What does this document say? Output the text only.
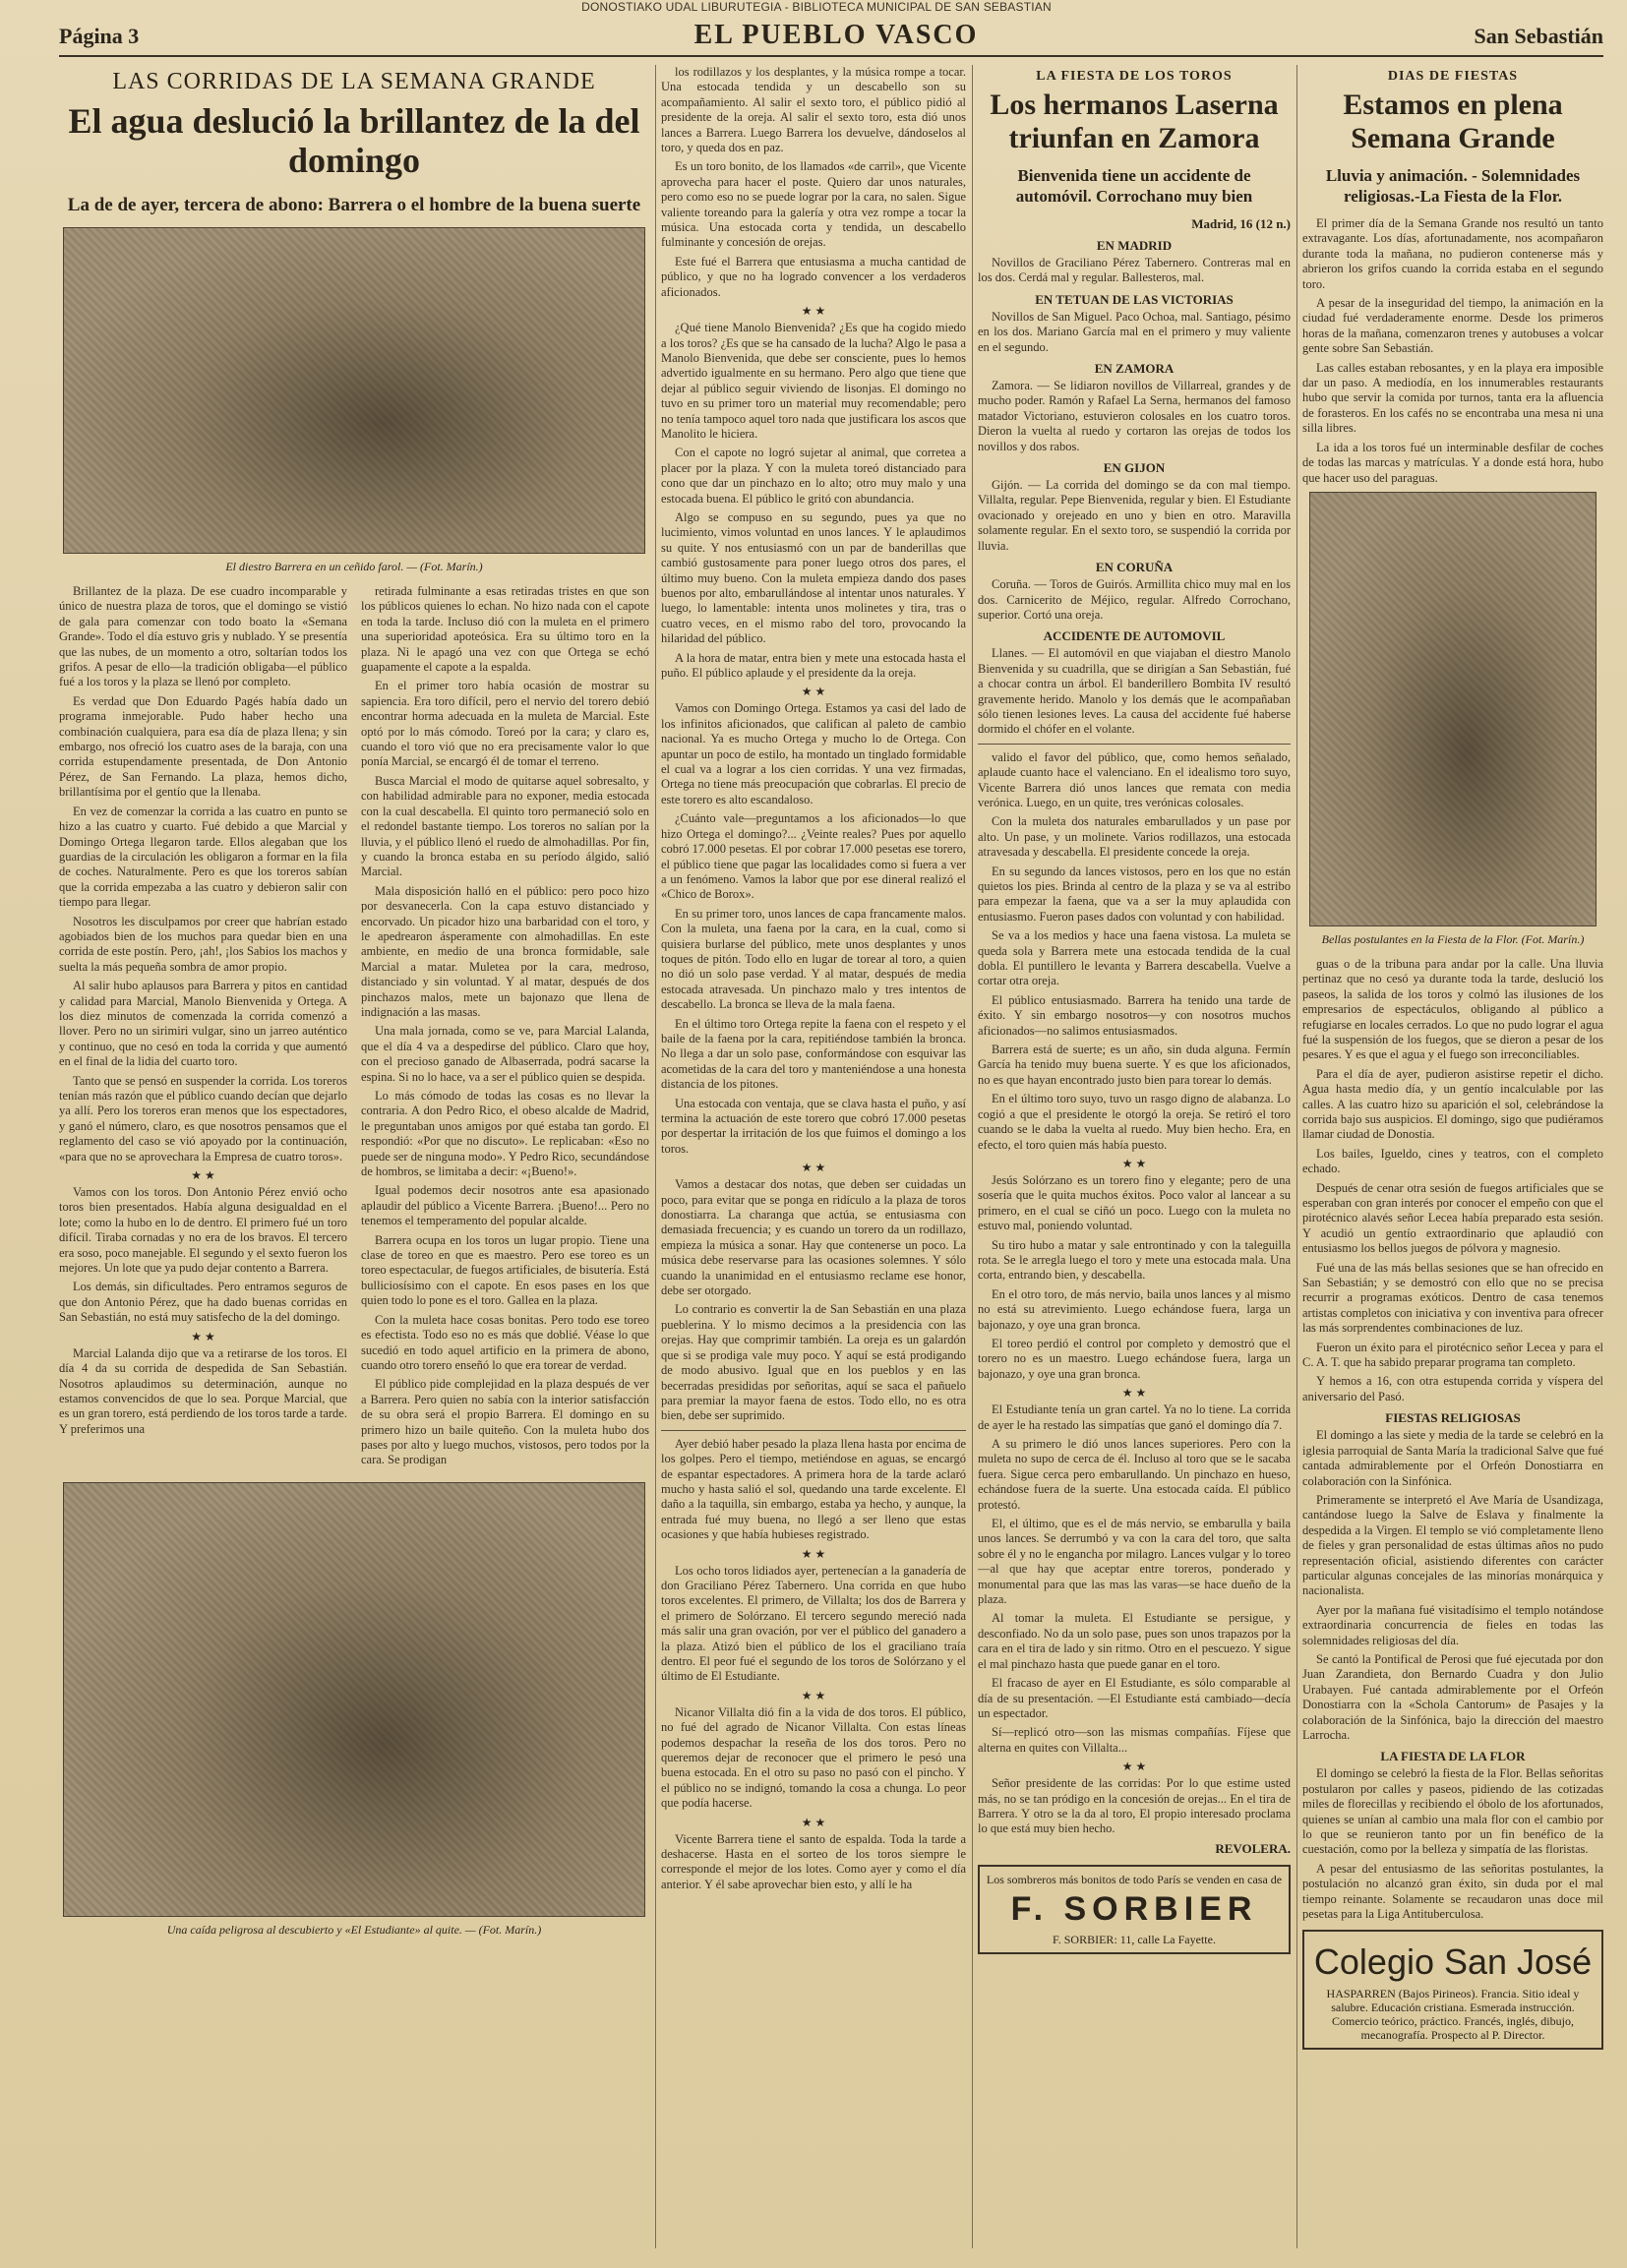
DONOSTIAKO UDAL LIBURUTEGIA - BIBLIOTECA MUNICIPAL DE SAN SEBASTIAN
Página 3	EL PUEBLO VASCO	San Sebastián
LAS CORRIDAS DE LA SEMANA GRANDE
El agua deslució la brillantez de la del domingo
La de de ayer, tercera de abono: Barrera o el hombre de la buena suerte
El diestro Barrera en un ceñido farol. — (Fot. Marín.)

Brillantez de la plaza. De ese cuadro incomparable y único de nuestra plaza de toros, que el domingo se vistió de gala para comenzar con todo boato la «Semana Grande». Todo el día estuvo gris y nublado. Y se presentía que las nubes, de un momento a otro, soltarían todos los grifos. A pesar de ello—la tradición obligaba—el público fué a los toros y la plaza se llenó por completo.

Es verdad que Don Eduardo Pagés había dado un programa inmejorable. Pudo haber hecho una combinación cualquiera, para esa día de plaza llena; y sin embargo, nos ofreció los cuatro ases de la baraja, con una corrida estupendamente presentada, de Don Antonio Pérez, de San Fernando. La plaza, hemos dicho, brillantísima por el gentío que la llenaba.

En vez de comenzar la corrida a las cuatro en punto se hizo a las cuatro y cuarto. Fué debido a que Marcial y Domingo Ortega llegaron tarde. Ellos alegaban que los guardias de la circulación les obligaron a formar en la fila de coches. Naturalmente. Pero es que los toreros sabían que la corrida empezaba a las cuatro y debieron salir con tiempo para llegar.

Nosotros les disculpamos por creer que habrían estado agobiados bien de los muchos para quedar bien en una corrida de este postín. Pero, ¡ah!, ¡los Sabios los machos y suelta la más pequeña sombra de amor propio.

Al salir hubo aplausos para Barrera y pitos en cantidad y calidad para Marcial, Manolo Bienvenida y Ortega. A los diez minutos de comenzada la corrida comenzó a llover. Pero no un sirimiri vulgar, sino un jarreo auténtico y continuo, que no cesó en toda la corrida y que aumentó en el final de la lidia del cuarto toro.

Tanto que se pensó en suspender la corrida. Los toreros tenían más razón que el público cuando decían que dejarlo ya allí. Pero los toreros eran menos que los espectadores, y ganó el número, claro, es que nosotros pensamos que el reglamento del caso se vió apoyado por la continuación, «para que no se aprovechara la Empresa de cuatro toros».

★ ★

Vamos con los toros. Don Antonio Pérez envió ocho toros bien presentados. Había alguna desigualdad en el lote; como la hubo en lo de dentro. El primero fué un toro difícil. Tiraba cornadas y no era de los bravos. El tercero era soso, poco manejable. El segundo y el sexto fueron los mejores. Un lote que ya pudo dejar contento a Barrera.

Los demás, sin dificultades. Pero entramos seguros de que don Antonio Pérez, que ha dado buenas corridas en San Sebastián, no está muy satisfecho de la del domingo.

★ ★

Marcial Lalanda dijo que va a retirarse de los toros. El día 4 da su corrida de despedida de San Sebastián. Nosotros aplaudimos su determinación, aunque no estamos convencidos de que lo sea. Porque Marcial, que es un gran torero, está perdiendo de los toros tarde a tarde. Y preferimos una

retirada fulminante a esas retiradas tristes en que son los públicos quienes lo echan. No hizo nada con el capote en toda la tarde. Incluso dió con la muleta en el primero una superioridad apoteósica. Era su último toro en la plaza. Ni le apagó una vez con que Ortega se echó guapamente el capote a la espalda.

En el primer toro había ocasión de mostrar su sapiencia. Era toro difícil, pero el nervio del torero debió encontrar horma adecuada en la muleta de Marcial. Este optó por lo más cómodo. Toreó por la cara; y claro es, cuando el toro vió que no era precisamente valor lo que ponía Marcial, se encargó él de tomar el terreno.

Busca Marcial el modo de quitarse aquel sobresalto, y con habilidad admirable para no exponer, media estocada con la cual descabella. El quinto toro permaneció solo en el redondel bastante tiempo. Los toreros no salían por la lluvia, y el público llenó el ruedo de almohadillas. Por fin, y cuando la bronca estaba en su período álgido, salió Marcial.

Mala disposición halló en el público: pero poco hizo por desvanecerla. Con la capa estuvo distanciado y encorvado. Un picador hizo una barbaridad con el toro, y le apedrearon ásperamente con almohadillas. En este ambiente, en medio de una bronca formidable, sale Marcial a matar. Muletea por la cara, medroso, distanciado y sin voluntad. Y al matar, después de dos pinchazos malos, mete un bajonazo que llena de indignación a las masas.

Una mala jornada, como se ve, para Marcial Lalanda, que el día 4 va a despedirse del público. Claro que hoy, con el precioso ganado de Albaserrada, podrá sacarse la espina. Si no lo hace, va a ser el público quien se despida.

Lo más cómodo de todas las cosas es no llevar la contraria. A don Pedro Rico, el obeso alcalde de Madrid, le preguntaban unos amigos por qué estaba tan gordo. El respondió: «Por que no discuto». Le replicaban: «Eso no puede ser de ninguna modo». Y Pedro Rico, secundándose de hombros, se limitaba a decir: «¡Bueno!».

Igual podemos decir nosotros ante esa apasionado aplaudir del público a Vicente Barrera. ¡Bueno!... Pero no tenemos el temperamento del popular alcalde.

Barrera ocupa en los toros un lugar propio. Tiene una clase de toreo en que es maestro. Pero ese toreo es un toreo espectacular, de fuegos artificiales, de bisutería. Está bulliciosísimo con el capote. En esos pases en los que quien todo lo pone es el toro. Gallea en la plaza.

Con la muleta hace cosas bonitas. Pero todo ese toreo es efectista. Todo eso no es más que doblié. Véase lo que sucedió en todo aquel artificio en la primera de abono, cuando otro torero enseñó lo que era torear de verdad.

El público pide complejidad en la plaza después de ver a Barrera. Pero quien no sabía con la interior satisfacción de su obra será el propio Barrera. El domingo en su primero hizo un baile quiteño. Con la muleta hubo dos pases por alto y luego muchos, vistosos, pero todos por la cara. Se prodigan

Una caída peligrosa al descubierto y «El Estudiante» al quite. — (Fot. Marín.)

los rodillazos y los desplantes, y la música rompe a tocar. Una estocada tendida y un descabello son su acompañamiento. Al salir el sexto toro, el público pidió al presidente de la oreja. Al salir el sexto toro, esta dió unos lances a Barrera. Luego Barrera los devuelve, dándoselos al toro, y queda dos en paz.

Es un toro bonito, de los llamados «de carril», que Vicente aprovecha para hacer el poste. Quiero dar unos naturales, pero como eso no se puede lograr por la cara, no salen. Sigue valiente toreando para la galería y otra vez rompe a tocar la música. Una estocada corta y tendida, un descabello fulminante y concesión de orejas.

Este fué el Barrera que entusiasma a mucha cantidad de público, y que no ha logrado convencer a los verdaderos aficionados.

★ ★

¿Qué tiene Manolo Bienvenida? ¿Es que ha cogido miedo a los toros? ¿Es que se ha cansado de la lucha? Algo le pasa a Manolo Bienvenida, que debe ser consciente, pues lo hemos advertido igualmente en su hermano. Pero algo que tiene que dejar al público seguir viviendo de lisonjas. El domingo no tuvo en su primer toro un material muy recomendable; pero no tenía tampoco aquel toro nada que justificara los ascos que Manolito le hiciera.

Con el capote no logró sujetar al animal, que corretea a placer por la plaza. Y con la muleta toreó distanciado para cono que dar un pinchazo en lo alto; otro muy malo y una estocada buena. El público le gritó con abundancia.

Algo se compuso en su segundo, pues ya que no lucimiento, vimos voluntad en unos lances. Y le aplaudimos su quite. Y nos entusiasmó con un par de banderillas que cambió gustosamente para poner luego otros dos pares, el último muy bueno. Con la muleta empieza dando dos pases buenos por alto, embarullándose al intentar unos naturales. Y luego, lo lamentable: intenta unos molinetes y tira, tras o cuatro veces, en el mismo rabo del toro, provocando la hilaridad del público.

A la hora de matar, entra bien y mete una estocada hasta el puño. El público aplaude y el presidente da la oreja.

★ ★

Vamos con Domingo Ortega. Estamos ya casi del lado de los infinitos aficionados, que califican al paleto de cambio nacional. Ya es mucho Ortega y mucho lo de Ortega. Con apuntar un poco de estilo, ha montado un tinglado formidable el cual va a lograr a los cien corridas. Y una vez firmadas, Ortega no tiene más preocupación que cobrarlas. El precio de este torero es alto escandaloso.

¿Cuánto vale—preguntamos a los aficionados—lo que hizo Ortega el domingo?... ¿Veinte reales? Pues por aquello cobró 17.000 pesetas. El por cobrar 17.000 pesetas ese torero, el público tiene que pagar las localidades como si fuera a ver a un fenómeno. Vamos la labor que por ese dineral realizó el «Chico de Borox».

En su primer toro, unos lances de capa francamente malos. Con la muleta, una faena por la cara, en la cual, como si quisiera burlarse del público, mete unos desplantes y unos toques de pitón. Todo ello en lugar de torear al toro, a quien no dió un solo pase verdad. Y al matar, después de media estocada atravesada. Un pinchazo malo y tres intentos de descabello. La bronca se lleva de la mala faena.

En el último toro Ortega repite la faena con el respeto y el baile de la faena por la cara, repitiéndose también la bronca. No llega a dar un solo pase, conformándose con esquivar las acometidas de la cara del toro y manteniéndose a una honesta distancia de los pitones.

Una estocada con ventaja, que se clava hasta el puño, y así termina la actuación de este torero que cobró 17.000 pesetas por despertar la irritación de los que fuimos el domingo a los toros.

★ ★

Vamos a destacar dos notas, que deben ser cuidadas un poco, para evitar que se ponga en ridículo a la plaza de toros donostiarra. La charanga que actúa, se entusiasma con demasiada frecuencia; y es cuando un torero da un rodillazo, empieza la música a sonar. Hay que contenerse un poco. La música debe reservarse para las ocasiones solemnes. Y sólo cuando la unanimidad en el entusiasmo reclame ese honor, debe ser otorgado.

Lo contrario es convertir la de San Sebastián en una plaza pueblerina. Y lo mismo decimos a la presidencia con las orejas. Hay que comprimir también. La oreja es un galardón que si se prodiga vale muy poco. Y aquí se está prodigando de modo abusivo. Igual que en los pueblos y en las becerradas presididas por señoritas, aquí se saca el pañuelo para premiar la mayor faena de estos. Todo ello, no es otra bien, debe ser suprimido.

Ayer debió haber pesado la plaza llena hasta por encima de los golpes. Pero el tiempo, metiéndose en aguas, se encargó de espantar espectadores. A primera hora de la tarde aclaró mucho y hasta salió el sol, quedando una tarde excelente. El daño a la taquilla, sin embargo, estaba ya hecho, y aunque, la entrada fué muy buena, no llegó a ser lleno que estas ocasiones y que había hubieses registrado.

★ ★

Los ocho toros lidiados ayer, pertenecían a la ganadería de don Graciliano Pérez Tabernero. Una corrida en que hubo toros excelentes. El primero, de Villalta; los dos de Barrera y el primero de Solórzano. El tercero segundo mereció nada más salir una gran ovación, por ver el público del ganadero a la plaza. Atizó bien el público de los el graciliano traía dentro. El peor fué el segundo de los toros de Solórzano y el último de El Estudiante.

★ ★

Nicanor Villalta dió fin a la vida de dos toros. El público, no fué del agrado de Nicanor Villalta. Con estas líneas podemos despachar la reseña de los dos toros. Pero no queremos dejar de reconocer que el primero le pesó una buena estocada. En el otro su paso no pasó con el pincho. Y el público no se indignó, tomando la cosa a chunga. Lo peor que podía hacerse.

★ ★

Vicente Barrera tiene el santo de espalda. Toda la tarde a deshacerse. Hasta en el sorteo de los toros siempre le corresponde el mejor de los lotes. Como ayer y como el día anterior. Y él sabe aprovechar bien esto, y allí le ha

LA FIESTA DE LOS TOROS
Los hermanos Laserna triunfan en Zamora
Bienvenida tiene un accidente de automóvil. Corrochano muy bien
Madrid, 16 (12 n.)
EN MADRID

Novillos de Graciliano Pérez Tabernero. Contreras mal en los dos. Cerdá mal y regular. Ballesteros, mal.

EN TETUAN DE LAS VICTORIAS

Novillos de San Miguel. Paco Ochoa, mal. Santiago, pésimo en los dos. Mariano García mal en el primero y muy valiente en el segundo.

EN ZAMORA

Zamora. — Se lidiaron novillos de Villarreal, grandes y de mucho poder. Ramón y Rafael La Serna, hermanos del famoso matador Victoriano, estuvieron colosales en los cuatro toros. Dieron la vuelta al ruedo y cortaron las orejas de todos los novillos y dos rabos.

EN GIJON

Gijón. — La corrida del domingo se da con mal tiempo. Villalta, regular. Pepe Bienvenida, regular y bien. El Estudiante ovacionado y orejeado en uno y bien en otro. Maravilla solamente regular. En el sexto toro, se suspendió la corrida por lluvia.

EN CORUÑA

Coruña. — Toros de Guirós. Armillita chico muy mal en los dos. Carnicerito de Méjico, regular. Alfredo Corrochano, superior. Cortó una oreja.

ACCIDENTE DE AUTOMOVIL

Llanes. — El automóvil en que viajaban el diestro Manolo Bienvenida y su cuadrilla, que se dirigían a San Sebastián, fué a chocar contra un árbol. El banderillero Bombita IV resultó gravemente herido. Manolo y los demás que le acompañaban sólo tienen lesiones leves. La causa del accidente fué haberse dormido el chófer en el volante.

valido el favor del público, que, como hemos señalado, aplaude cuanto hace el valenciano. En el idealismo toro suyo, Vicente Barrera dió unos lances que remata con media verónica. Luego, en un quite, tres verónicas colosales.

Con la muleta dos naturales embarullados y un pase por alto. Un pase, y un molinete. Varios rodillazos, una estocada atravesada y descabella. El presidente concede la oreja.

En su segundo da lances vistosos, pero en los que no están quietos los pies. Brinda al centro de la plaza y se va al estribo para empezar la faena, que va a ser la muy aplaudida con entusiasmo. Fueron pases dados con voluntad y con habilidad.

Se va a los medios y hace una faena vistosa. La muleta se queda sola y Barrera mete una estocada tendida de la cual dobla. El puntillero le levanta y Barrera descabella. Vuelve a cortar otra oreja.

El público entusiasmado. Barrera ha tenido una tarde de éxito. Y sin embargo nosotros—y con nosotros muchos aficionados—no salimos entusiasmados.

Barrera está de suerte; es un año, sin duda alguna. Fermín García ha tenido muy buena suerte. Y es que los aficionados, no es que hayan encontrado justo bien para torear lo demás.

En el último toro suyo, tuvo un rasgo digno de alabanza. Lo cogió a que el presidente le otorgó la oreja. Se retiró el toro cuando se le daba la vuelta al ruedo. Muy bien hecho. Era, en efecto, el toro quien más había puesto.

★ ★

Jesús Solórzano es un torero fino y elegante; pero de una sosería que le quita muchos éxitos. Poco valor al lancear a su primero, en el cual se ciñó un poco. Luego con la muleta no estuvo mal, poniendo voluntad.

Su tiro hubo a matar y sale entrontinado y con la taleguilla rota. Se le arregla luego el toro y mete una estocada mala. Una corta, entrando bien, y descabella.

En el otro toro, de más nervio, baila unos lances y al mismo no está su atrevimiento. Luego echándose fuera, larga un bajonazo, y oye una gran bronca.

El toreo perdió el control por completo y demostró que el torero no es un maestro. Luego echándose fuera, larga un bajonazo, y oye una gran bronca.

★ ★

El Estudiante tenía un gran cartel. Ya no lo tiene. La corrida de ayer le ha restado las simpatías que ganó el domingo día 7.

A su primero le dió unos lances superiores. Pero con la muleta no supo de cerca de él. Incluso al toro que se le sacaba fuera. Sigue cerca pero embarullando. Un pinchazo en hueso, echándose fuera de la suerte. Una estocada caída. El público protestó.

El, el último, que es el de más nervio, se embarulla y baila unos lances. Se derrumbó y va con la cara del toro, que salta sobre él y no le engancha por milagro. Lances vulgar y lo toreo—al que hay que aceptar entre toreros, ponderado y monumental para que las mas las varas—se hace dueño de la plaza.

Al tomar la muleta. El Estudiante se persigue, y desconfiado. No da un solo pase, pues son unos trapazos por la cara en el tira de lado y sin ritmo. Otro en el pescuezo. Y sigue el mal pinchazo hasta que puede ganar en el toro.

El fracaso de ayer en El Estudiante, es sólo comparable al día de su presentación. —El Estudiante está cambiado—decía un espectador.

Sí—replicó otro—son las mismas compañías. Fíjese que alterna en quites con Villalta...

★ ★

Señor presidente de las corridas: Por lo que estime usted más, no se tan pródigo en la concesión de orejas... En el tira de Barrera. Y otro se la da al toro, El propio interesado proclama lo que está muy bien hecho.

REVOLERA.
Los sombreros más bonitos de todo París se venden en casa de
F. SORBIER
F. SORBIER: 11, calle La Fayette.
DIAS DE FIESTAS
Estamos en plena Semana Grande
Lluvia y animación. - Solemnidades religiosas.-La Fiesta de la Flor.

El primer día de la Semana Grande nos resultó un tanto extravagante. Los días, afortunadamente, nos acompañaron durante toda la mañana, no pudieron contenerse más y abrieron los grifos cuando la corrida estaba en el segundo toro.

A pesar de la inseguridad del tiempo, la animación en la ciudad fué verdaderamente enorme. Desde los primeros horas de la mañana, comenzaron trenes y autobuses a volcar gente sobre San Sebastián.

Las calles estaban rebosantes, y en la playa era imposible dar un paso. A mediodía, en los innumerables restaurants hubo que servir la comida por turnos, tanta era la afluencia de forasteros. En los cafés no se encontraba una mesa ni una silla libres.

La ida a los toros fué un interminable desfilar de coches de todas las marcas y matrículas. Y a donde está hora, hubo que hacer uso del paraguas.

Bellas postulantes en la Fiesta de la Flor. (Fot. Marín.)

guas o de la tribuna para andar por la calle. Una lluvia pertinaz que no cesó ya durante toda la tarde, deslució los paseos, la salida de los toros y colmó las ilusiones de los empresarios de espectáculos, obligando al público a refugiarse en locales cerrados. Lo que no pudo lograr el agua fué la suspensión de los fuegos, que se dieron a pesar de los pesares. Y es que el agua y el fuego son irreconciliables.

Para el día de ayer, pudieron asistirse repetir el dicho. Agua hasta medio día, y un gentío incalculable por las calles. A las cuatro hizo su aparición el sol, celebrándose la corrida bajo sus auspicios. El domingo, sigo que pudiéramos llamar ciudad de Donostia.

Los bailes, Igueldo, cines y teatros, con el completo echado.

Después de cenar otra sesión de fuegos artificiales que se esperaban con gran interés por conocer el empeño con que el pirotécnico alavés señor Lecea había preparado esta sesión. Y acudió un gentío extraordinario que aplaudió con entusiasmo los bellos juegos de pólvora y magnesio.

Fué una de las más bellas sesiones que se han ofrecido en San Sebastián; y se demostró con ello que no se precisa recurrir a programas exóticos. Dentro de casa tenemos artistas completos con iniciativa y con inventiva para ofrecer las más sorprendentes combinaciones de luz.

Fueron un éxito para el pirotécnico señor Lecea y para el C. A. T. que ha sabido preparar programa tan completo.

Y hemos a 16, con otra estupenda corrida y víspera del aniversario del Pasó.

FIESTAS RELIGIOSAS

El domingo a las siete y media de la tarde se celebró en la iglesia parroquial de Santa María la tradicional Salve que fué cantada admirablemente por el Orfeón Donostiarra en colaboración con la Sinfónica.

Primeramente se interpretó el Ave María de Usandizaga, cantándose luego la Salve de Eslava y finalmente la despedida a la Virgen. El templo se vió completamente lleno de fieles y gran personalidad de estas últimas años no pudo representación oficial, asistiendo diferentes con carácter particular algunas concejales de las minorías monárquica y nacionalista.

Ayer por la mañana fué visitadísimo el templo notándose extraordinaria concurrencia de fieles en todas las solemnidades religiosas del día.

Se cantó la Pontifical de Perosi que fué ejecutada por don Juan Zarandieta, don Bernardo Cuadra y don Julio Urabayen. Fué cantada admirablemente por el Orfeón Donostiarra con la «Schola Cantorum» de Pasajes y la colaboración de la Sinfónica, bajo la dirección del maestro Larrocha.

LA FIESTA DE LA FLOR

El domingo se celebró la fiesta de la Flor. Bellas señoritas postularon por calles y paseos, pidiendo de las cotizadas miles de florecillas y recibiendo el óbolo de los afortunados, quienes se unían al cambio una mala flor con el cambio por lo que se reunieron tanto por un fin benéfico de la cuestación, como por la belleza y simpatía de las floristas.

A pesar del entusiasmo de las señoritas postulantes, la postulación no alcanzó gran éxito, sin duda por el mal tiempo reinante. Solamente se recaudaron unas doce mil pesetas para la Liga Antituberculosa.

Colegio San José
HASPARREN (Bajos Pirineos). Francia. Sitio ideal y salubre. Educación cristiana. Esmerada instrucción. Comercio teórico, práctico. Francés, inglés, dibujo, mecanografía. Prospecto al P. Director.
